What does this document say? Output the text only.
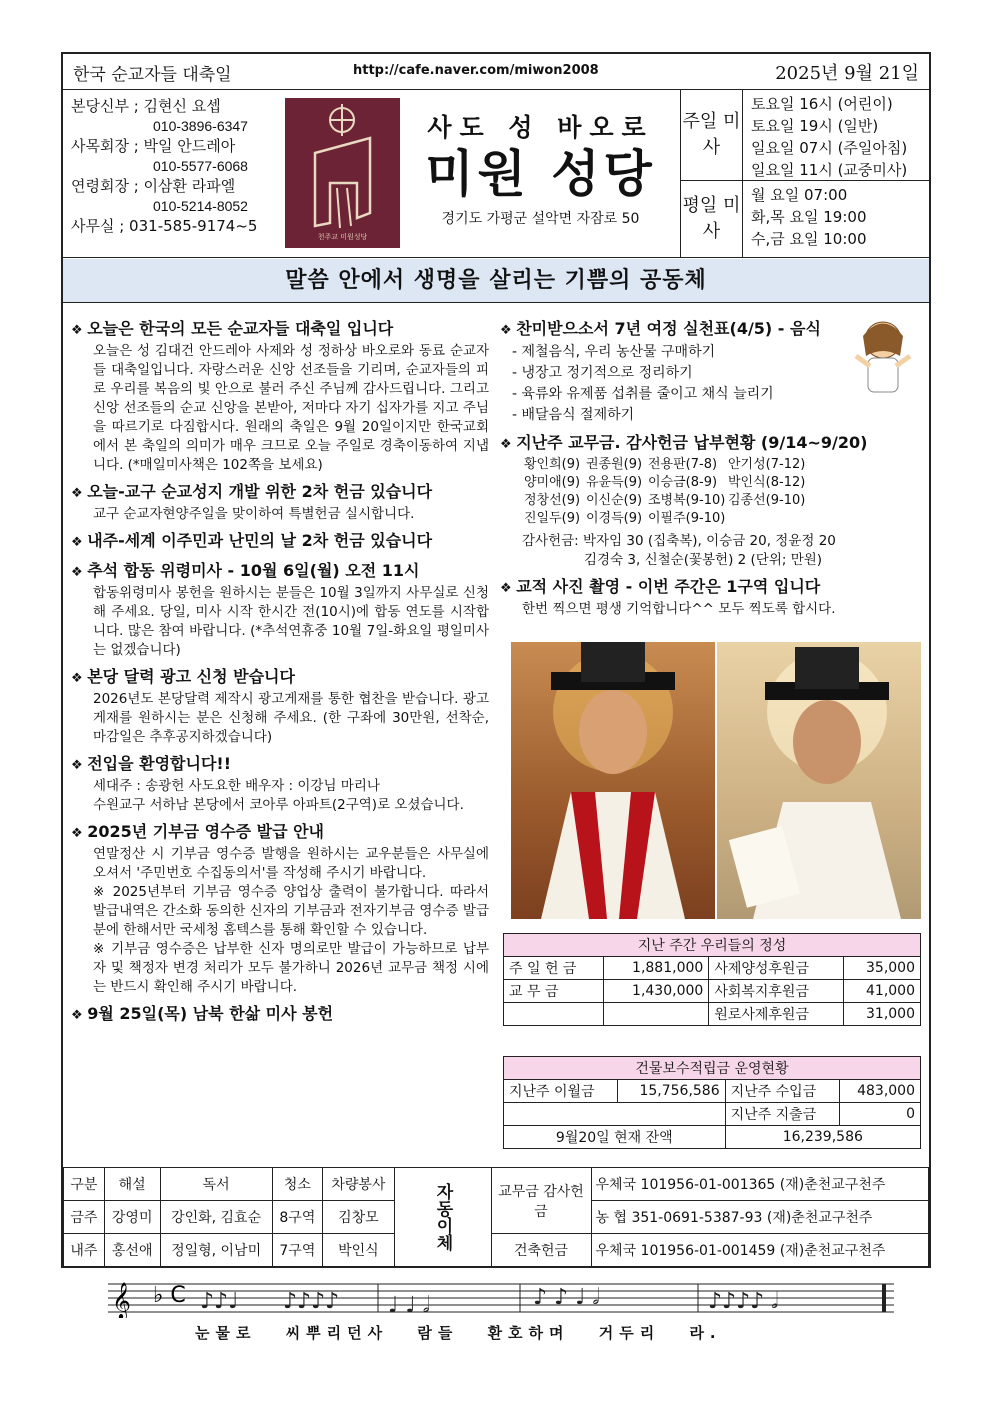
한국 순교자들 대축일	http://cafe.naver.com/miwon2008	2025년 9월 21일
본당신부 ; 김현신 요셉
010-3896-6347
사목회장 ; 박일 안드레아
010-5577-6068
연령회장 ; 이삼환 라파엘
010-5214-8052
사무실 ; 031-585-9174~5
천주교 미원성당
사도 성 바오로
미원 성당
경기도 가평군 설악면 자잠로 50
주일 미사
토요일 16시 (어린이)
토요일 19시 (일반)
일요일 07시 (주일아침)
일요일 11시 (교중미사)
평일 미사
월 요일 07:00
화,목 요일 19:00
수,금 요일 10:00
말씀 안에서 생명을 살리는 기쁨의 공동체
❖ 오늘은 한국의 모든 순교자들 대축일 입니다
오늘은 성 김대건 안드레아 사제와 성 정하상 바오로와 동료 순교자들 대축일입니다. 자랑스러운 신앙 선조들을 기리며, 순교자들의 피로 우리를 복음의 빛 안으로 불러 주신 주님께 감사드립니다. 그리고 신앙 선조들의 순교 신앙을 본받아, 저마다 자기 십자가를 지고 주님을 따르기로 다짐합시다. 원래의 축일은 9월 20일이지만 한국교회에서 본 축일의 의미가 매우 크므로 오늘 주일로 경축이동하여 지냅니다. (*매일미사책은 102쪽을 보세요)
❖ 오늘-교구 순교성지 개발 위한 2차 헌금 있습니다
교구 순교자현양주일을 맞이하여 특별헌금 실시합니다.
❖ 내주-세계 이주민과 난민의 날 2차 헌금 있습니다
❖ 추석 합동 위령미사 - 10월 6일(월) 오전 11시
합동위령미사 봉헌을 원하시는 분들은 10월 3일까지 사무실로 신청해 주세요. 당일, 미사 시작 한시간 전(10시)에 합동 연도를 시작합니다. 많은 참여 바랍니다. (*추석연휴중 10월 7일-화요일 평일미사는 없겠습니다)
❖ 본당 달력 광고 신청 받습니다
2026년도 본당달력 제작시 광고게재를 통한 협찬을 받습니다. 광고게재를 원하시는 분은 신청해 주세요. (한 구좌에 30만원, 선착순, 마감일은 추후공지하겠습니다)
❖ 전입을 환영합니다!!
세대주 : 송광헌 사도요한 배우자 : 이강님 마리나
수원교구 서하남 본당에서 코아루 아파트(2구역)로 오셨습니다.
❖ 2025년 기부금 영수증 발급 안내
연말정산 시 기부금 영수증 발행을 원하시는 교우분들은 사무실에 오셔서 '주민번호 수집동의서'를 작성해 주시기 바랍니다.
※ 2025년부터 기부금 영수증 양업상 출력이 불가합니다. 따라서 발급내역은 간소화 동의한 신자의 기부금과 전자기부금 영수증 발급분에 한해서만 국세청 홈텍스를 통해 확인할 수 있습니다.
※ 기부금 영수증은 납부한 신자 명의로만 발급이 가능하므로 납부자 및 책정자 변경 처리가 모두 불가하니 2026년 교무금 책정 시에는 반드시 확인해 주시기 바랍니다.
❖ 9월 25일(목) 남북 한삶 미사 봉헌
❖ 찬미받으소서 7년 여정 실천표(4/5) - 음식
- 제철음식, 우리 농산물 구매하기
- 냉장고 정기적으로 정리하기
- 육류와 유제품 섭취를 줄이고 채식 늘리기
- 배달음식 절제하기
❖ 지난주 교무금. 감사헌금 납부현황 (9/14~9/20)
황인희(9) 권종원(9) 전용판(7-8) 안기성(7-12)
양미애(9) 유윤득(9) 이승금(8-9) 박인식(8-12)
정창선(9) 이신순(9) 조병복(9-10) 김종선(9-10)
진일두(9) 이경득(9) 이필주(9-10)
감사헌금: 박자임 30 (집축복), 이승금 20, 정윤정 20
김경숙 3, 신철순(꽃봉헌) 2 (단위; 만원)
❖ 교적 사진 촬영 - 이번 주간은 1구역 입니다
한번 찍으면 평생 기억합니다^^ 모두 찍도록 합시다.
지난 주간 우리들의 정성			
주 일 헌 금	1,881,000	사제양성후원금	35,000
교 무 금	1,430,000	사회복지후원금	41,000
		원로사제후원금	31,000
건물보수적립금 운영현황			
지난주 이월금	15,756,586	지난주 수입금	483,000
		지난주 지출금	0
9월20일 현재 잔액		16,239,586	
구분	해설	독서	청소	차량봉사	자동이체	교무금 감사헌금	우체국 101956-01-001365 (재)춘천교구천주
금주	강영미	강인화, 김효순	8구역	김창모			농 협 351-0691-5387-93 (재)춘천교구천주
내주	홍선애	정일형, 이남미	7구역	박인식		건축헌금	우체국 101956-01-001459 (재)춘천교구천주
𝄞 ♭ C ♪♪♩ ♪♪♪♪ ♩ ♩ 𝅗𝅥	♪ ♪ ♩ 𝅗𝅥	♪♪♪♪ 𝅗𝅥
눈물로 씨뿌리던사 람들 환호하며 거두리 라.
